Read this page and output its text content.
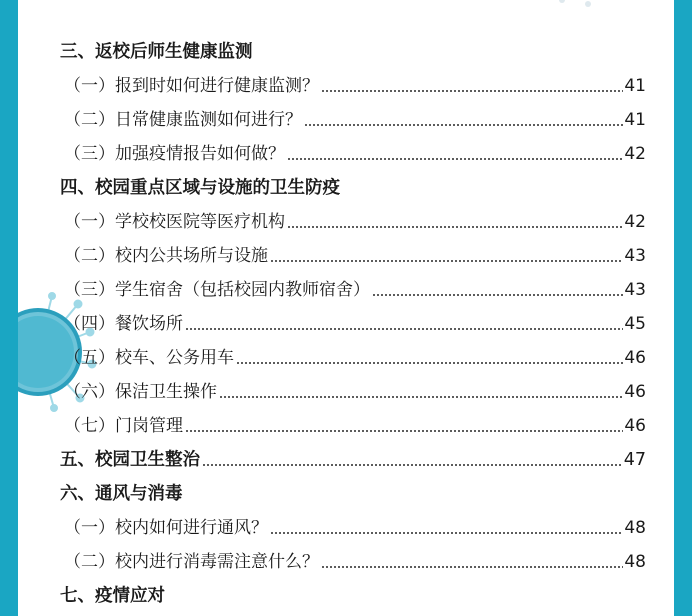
三、返校后师生健康监测
（一）报到时如何进行健康监测？	41
（二）日常健康监测如何进行？	41
（三）加强疫情报告如何做？	42
四、校园重点区域与设施的卫生防疫
（一）学校校医院等医疗机构	42
（二）校内公共场所与设施	43
（三）学生宿舍（包括校园内教师宿舍）	43
（四）餐饮场所	45
（五）校车、公务用车	46
（六）保洁卫生操作	46
（七）门岗管理	46
五、校园卫生整治	47
六、通风与消毒
（一）校内如何进行通风？	48
（二）校内进行消毒需注意什么？	48
七、疫情应对
